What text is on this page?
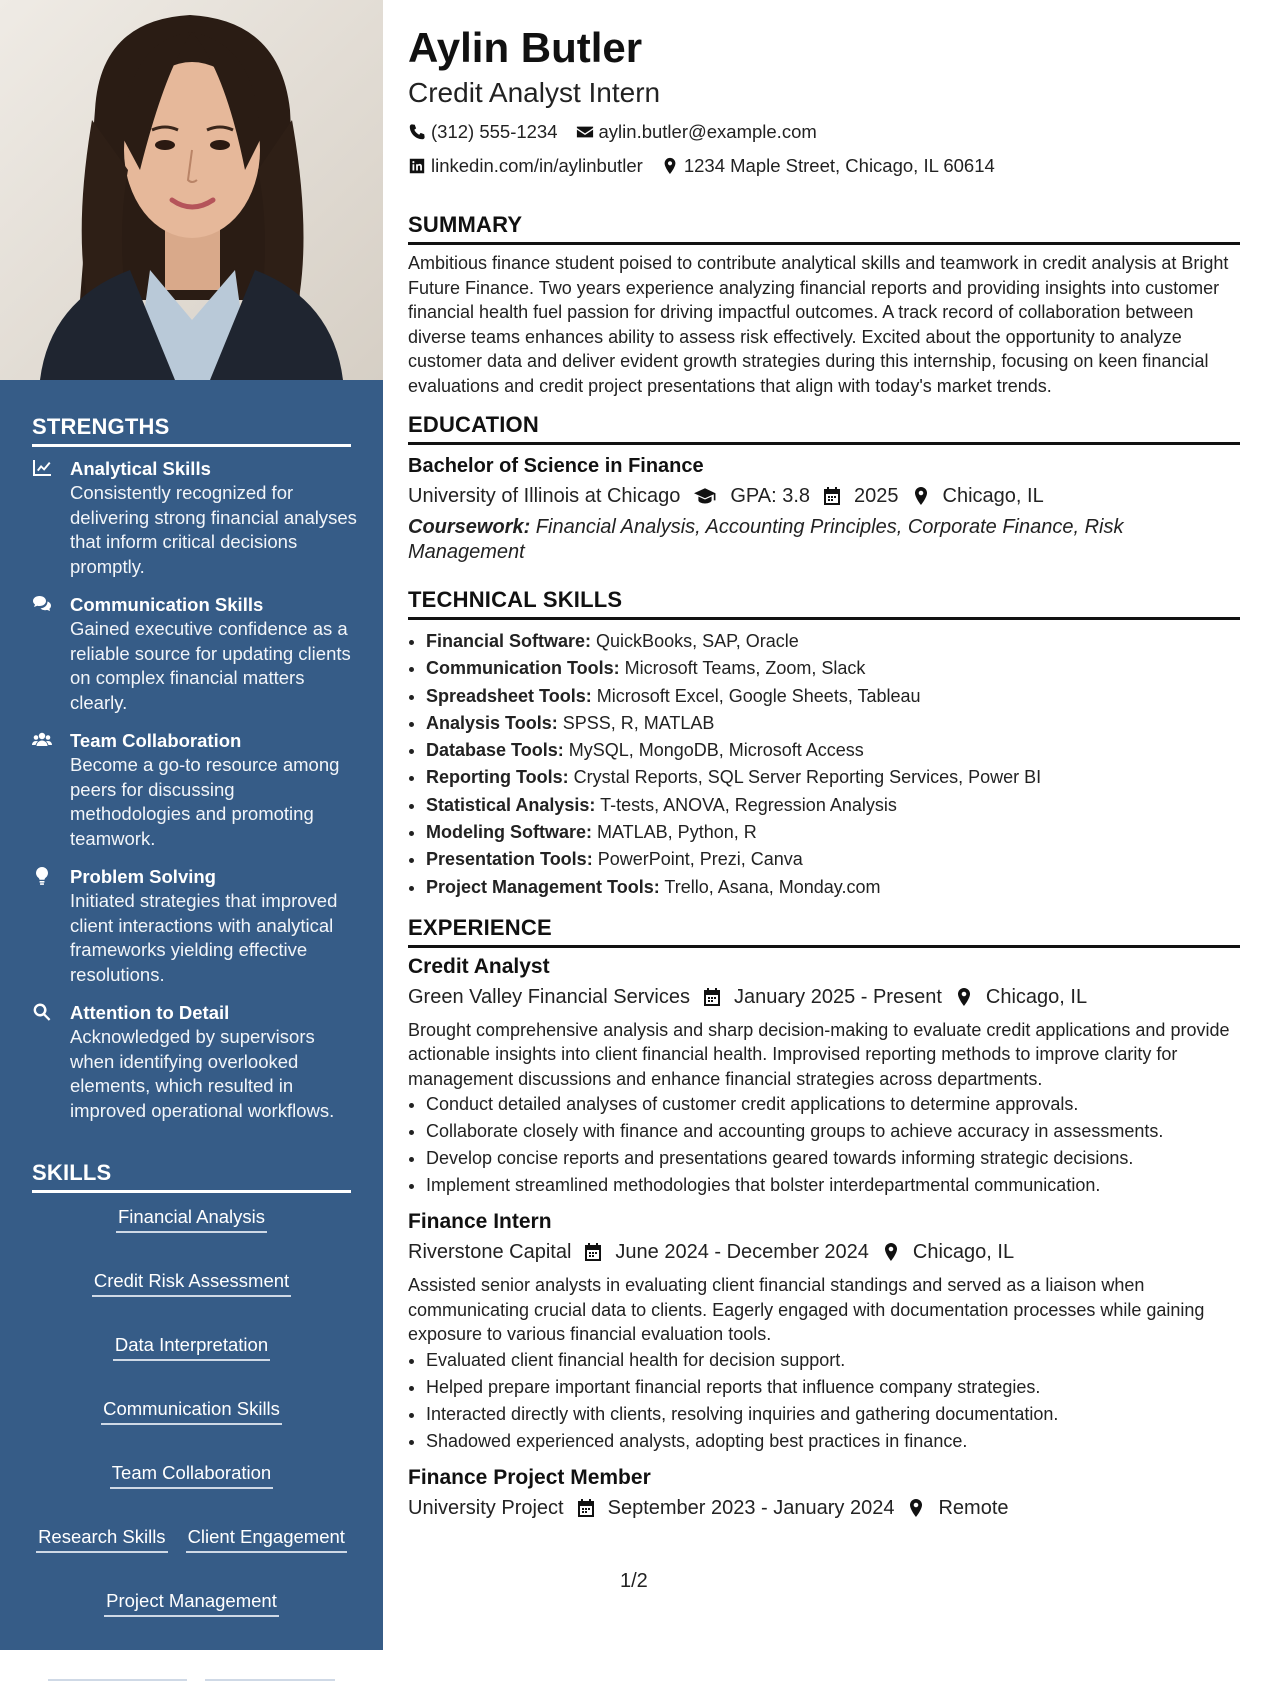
STRENGTHS
Analytical Skills
Consistently recognized for delivering strong financial analyses that inform critical decisions promptly.
Communication Skills
Gained executive confidence as a reliable source for updating clients on complex financial matters clearly.
Team Collaboration
Become a go-to resource among peers for discussing methodologies and promoting teamwork.
Problem Solving
Initiated strategies that improved client interactions with analytical frameworks yielding effective resolutions.
Attention to Detail
Acknowledged by supervisors when identifying overlooked elements, which resulted in improved operational workflows.
SKILLS
Financial Analysis
Credit Risk Assessment
Data Interpretation
Communication Skills
Team Collaboration
Research Skills Client Engagement
Project Management
Problem Solving Microsoft Excel
Aylin Butler

Credit Analyst Intern

(312) 555-1234 aylin.butler@example.com
linkedin.com/in/aylinbutler 1234 Maple Street, Chicago, IL 60614
SUMMARY

Ambitious finance student poised to contribute analytical skills and teamwork in credit analysis at Bright Future Finance. Two years experience analyzing financial reports and providing insights into customer financial health fuel passion for driving impactful outcomes. A track record of collaboration between diverse teams enhances ability to assess risk effectively. Excited about the opportunity to analyze customer data and deliver evident growth strategies during this internship, focusing on keen financial evaluations and credit project presentations that align with today's market trends.

EDUCATION

Bachelor of Science in Finance

University of Illinois at Chicago	GPA: 3.8 2025 Chicago, IL
Coursework: Financial Analysis, Accounting Principles, Corporate Finance, Risk Management
TECHNICAL SKILLS
• Financial Software: QuickBooks, SAP, Oracle
• Communication Tools: Microsoft Teams, Zoom, Slack
• Spreadsheet Tools: Microsoft Excel, Google Sheets, Tableau
• Analysis Tools: SPSS, R, MATLAB
• Database Tools: MySQL, MongoDB, Microsoft Access
• Reporting Tools: Crystal Reports, SQL Server Reporting Services, Power BI
• Statistical Analysis: T-tests, ANOVA, Regression Analysis
• Modeling Software: MATLAB, Python, R
• Presentation Tools: PowerPoint, Prezi, Canva
• Project Management Tools: Trello, Asana, Monday.com
EXPERIENCE

Credit Analyst

Green Valley Financial Services January 2025 - Present Chicago, IL

Brought comprehensive analysis and sharp decision-making to evaluate credit applications and provide actionable insights into client financial health. Improvised reporting methods to improve clarity for management discussions and enhance financial strategies across departments.

• Conduct detailed analyses of customer credit applications to determine approvals.
• Collaborate closely with finance and accounting groups to achieve accuracy in assessments.
• Develop concise reports and presentations geared towards informing strategic decisions.
• Implement streamlined methodologies that bolster interdepartmental communication.

Finance Intern

Riverstone Capital June 2024 - December 2024 Chicago, IL

Assisted senior analysts in evaluating client financial standings and served as a liaison when communicating crucial data to clients. Eagerly engaged with documentation processes while gaining exposure to various financial evaluation tools.

• Evaluated client financial health for decision support.
• Helped prepare important financial reports that influence company strategies.
• Interacted directly with clients, resolving inquiries and gathering documentation.
• Shadowed experienced analysts, adopting best practices in finance.

Finance Project Member

University Project September 2023 - January 2024 Remote
1/2
